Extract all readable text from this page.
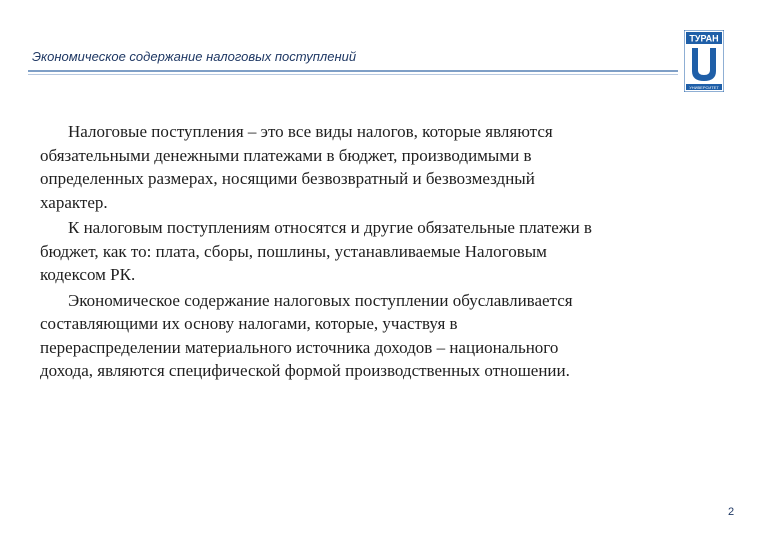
Экономическое содержание налоговых поступлений
ТУРАН
УНИВЕРСИТЕТ

Налоговые поступления – это все виды налогов, которые являются
обязательными денежными платежами в бюджет, производимыми в
определенных размерах, носящими безвозвратный и безвозмездный
характер.

К налоговым поступлениям относятся и другие обязательные платежи в
бюджет, как то: плата, сборы, пошлины, устанавливаемые Налоговым
кодексом РК.

Экономическое содержание налоговых поступлении обуславливается
составляющими их основу налогами, которые, участвуя в
перераспределении материального источника доходов – национального
дохода, являются специфической формой производственных отношении.

2
